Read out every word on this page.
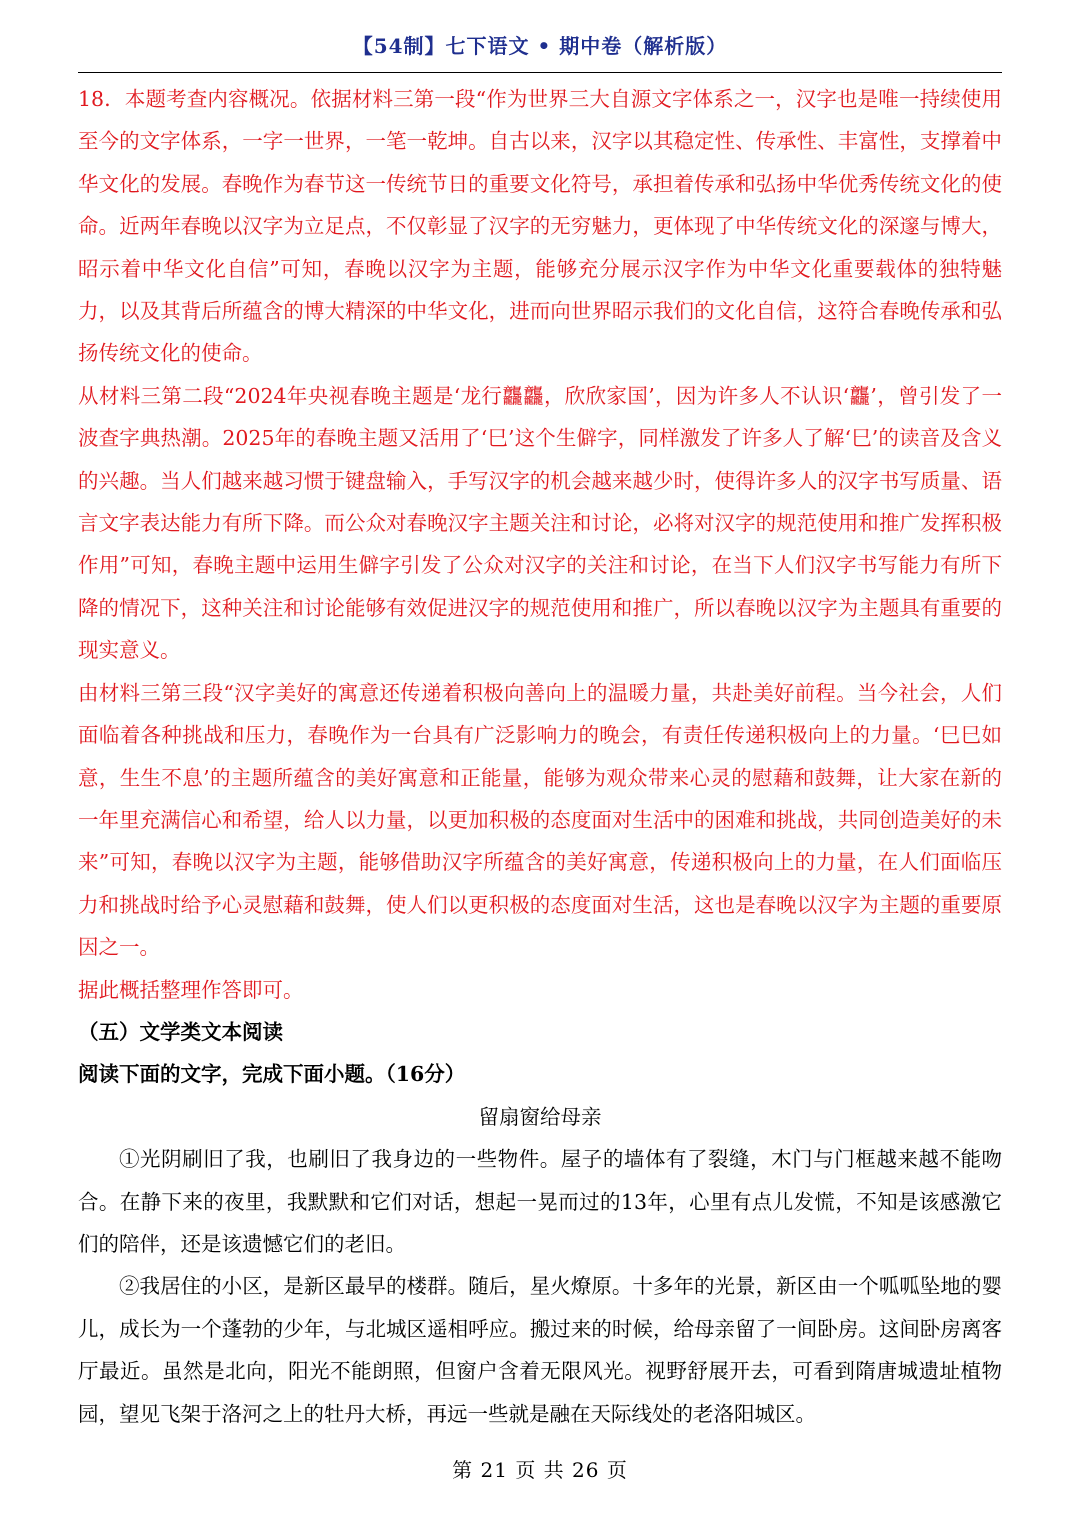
【54制】七下语文 • 期中卷（解析版）

18．本题考查内容概况。依据材料三第一段“作为世界三大自源文字体系之一，汉字也是唯一持续使用至今的文字体系，一字一世界，一笔一乾坤。自古以来，汉字以其稳定性、传承性、丰富性，支撑着中华文化的发展。春晚作为春节这一传统节日的重要文化符号，承担着传承和弘扬中华优秀传统文化的使命。近两年春晚以汉字为立足点，不仅彰显了汉字的无穷魅力，更体现了中华传统文化的深邃与博大，昭示着中华文化自信”可知，春晚以汉字为主题，能够充分展示汉字作为中华文化重要载体的独特魅力，以及其背后所蕴含的博大精深的中华文化，进而向世界昭示我们的文化自信，这符合春晚传承和弘扬传统文化的使命。

从材料三第二段“2024年央视春晚主题是‘龙行龘龘，欣欣家国’，因为许多人不认识‘龘’，曾引发了一波查字典热潮。2025年的春晚主题又活用了‘巳’这个生僻字，同样激发了许多人了解‘巳’的读音及含义的兴趣。当人们越来越习惯于键盘输入，手写汉字的机会越来越少时，使得许多人的汉字书写质量、语言文字表达能力有所下降。而公众对春晚汉字主题关注和讨论，必将对汉字的规范使用和推广发挥积极作用”可知，春晚主题中运用生僻字引发了公众对汉字的关注和讨论，在当下人们汉字书写能力有所下降的情况下，这种关注和讨论能够有效促进汉字的规范使用和推广，所以春晚以汉字为主题具有重要的现实意义。

由材料三第三段“汉字美好的寓意还传递着积极向善向上的温暖力量，共赴美好前程。当今社会，人们面临着各种挑战和压力，春晚作为一台具有广泛影响力的晚会，有责任传递积极向上的力量。‘巳巳如意，生生不息’的主题所蕴含的美好寓意和正能量，能够为观众带来心灵的慰藉和鼓舞，让大家在新的一年里充满信心和希望，给人以力量，以更加积极的态度面对生活中的困难和挑战，共同创造美好的未来”可知，春晚以汉字为主题，能够借助汉字所蕴含的美好寓意，传递积极向上的力量，在人们面临压力和挑战时给予心灵慰藉和鼓舞，使人们以更积极的态度面对生活，这也是春晚以汉字为主题的重要原因之一。

据此概括整理作答即可。

（五）文学类文本阅读

阅读下面的文字，完成下面小题。（16分）

留扇窗给母亲

①光阴刷旧了我，也刷旧了我身边的一些物件。屋子的墙体有了裂缝，木门与门框越来越不能吻合。在静下来的夜里，我默默和它们对话，想起一晃而过的13年，心里有点儿发慌，不知是该感激它们的陪伴，还是该遗憾它们的老旧。

②我居住的小区，是新区最早的楼群。随后，星火燎原。十多年的光景，新区由一个呱呱坠地的婴儿，成长为一个蓬勃的少年，与北城区遥相呼应。搬过来的时候，给母亲留了一间卧房。这间卧房离客厅最近。虽然是北向，阳光不能朗照，但窗户含着无限风光。视野舒展开去，可看到隋唐城遗址植物园，望见飞架于洛河之上的牡丹大桥，再远一些就是融在天际线处的老洛阳城区。

第 21 页 共 26 页
